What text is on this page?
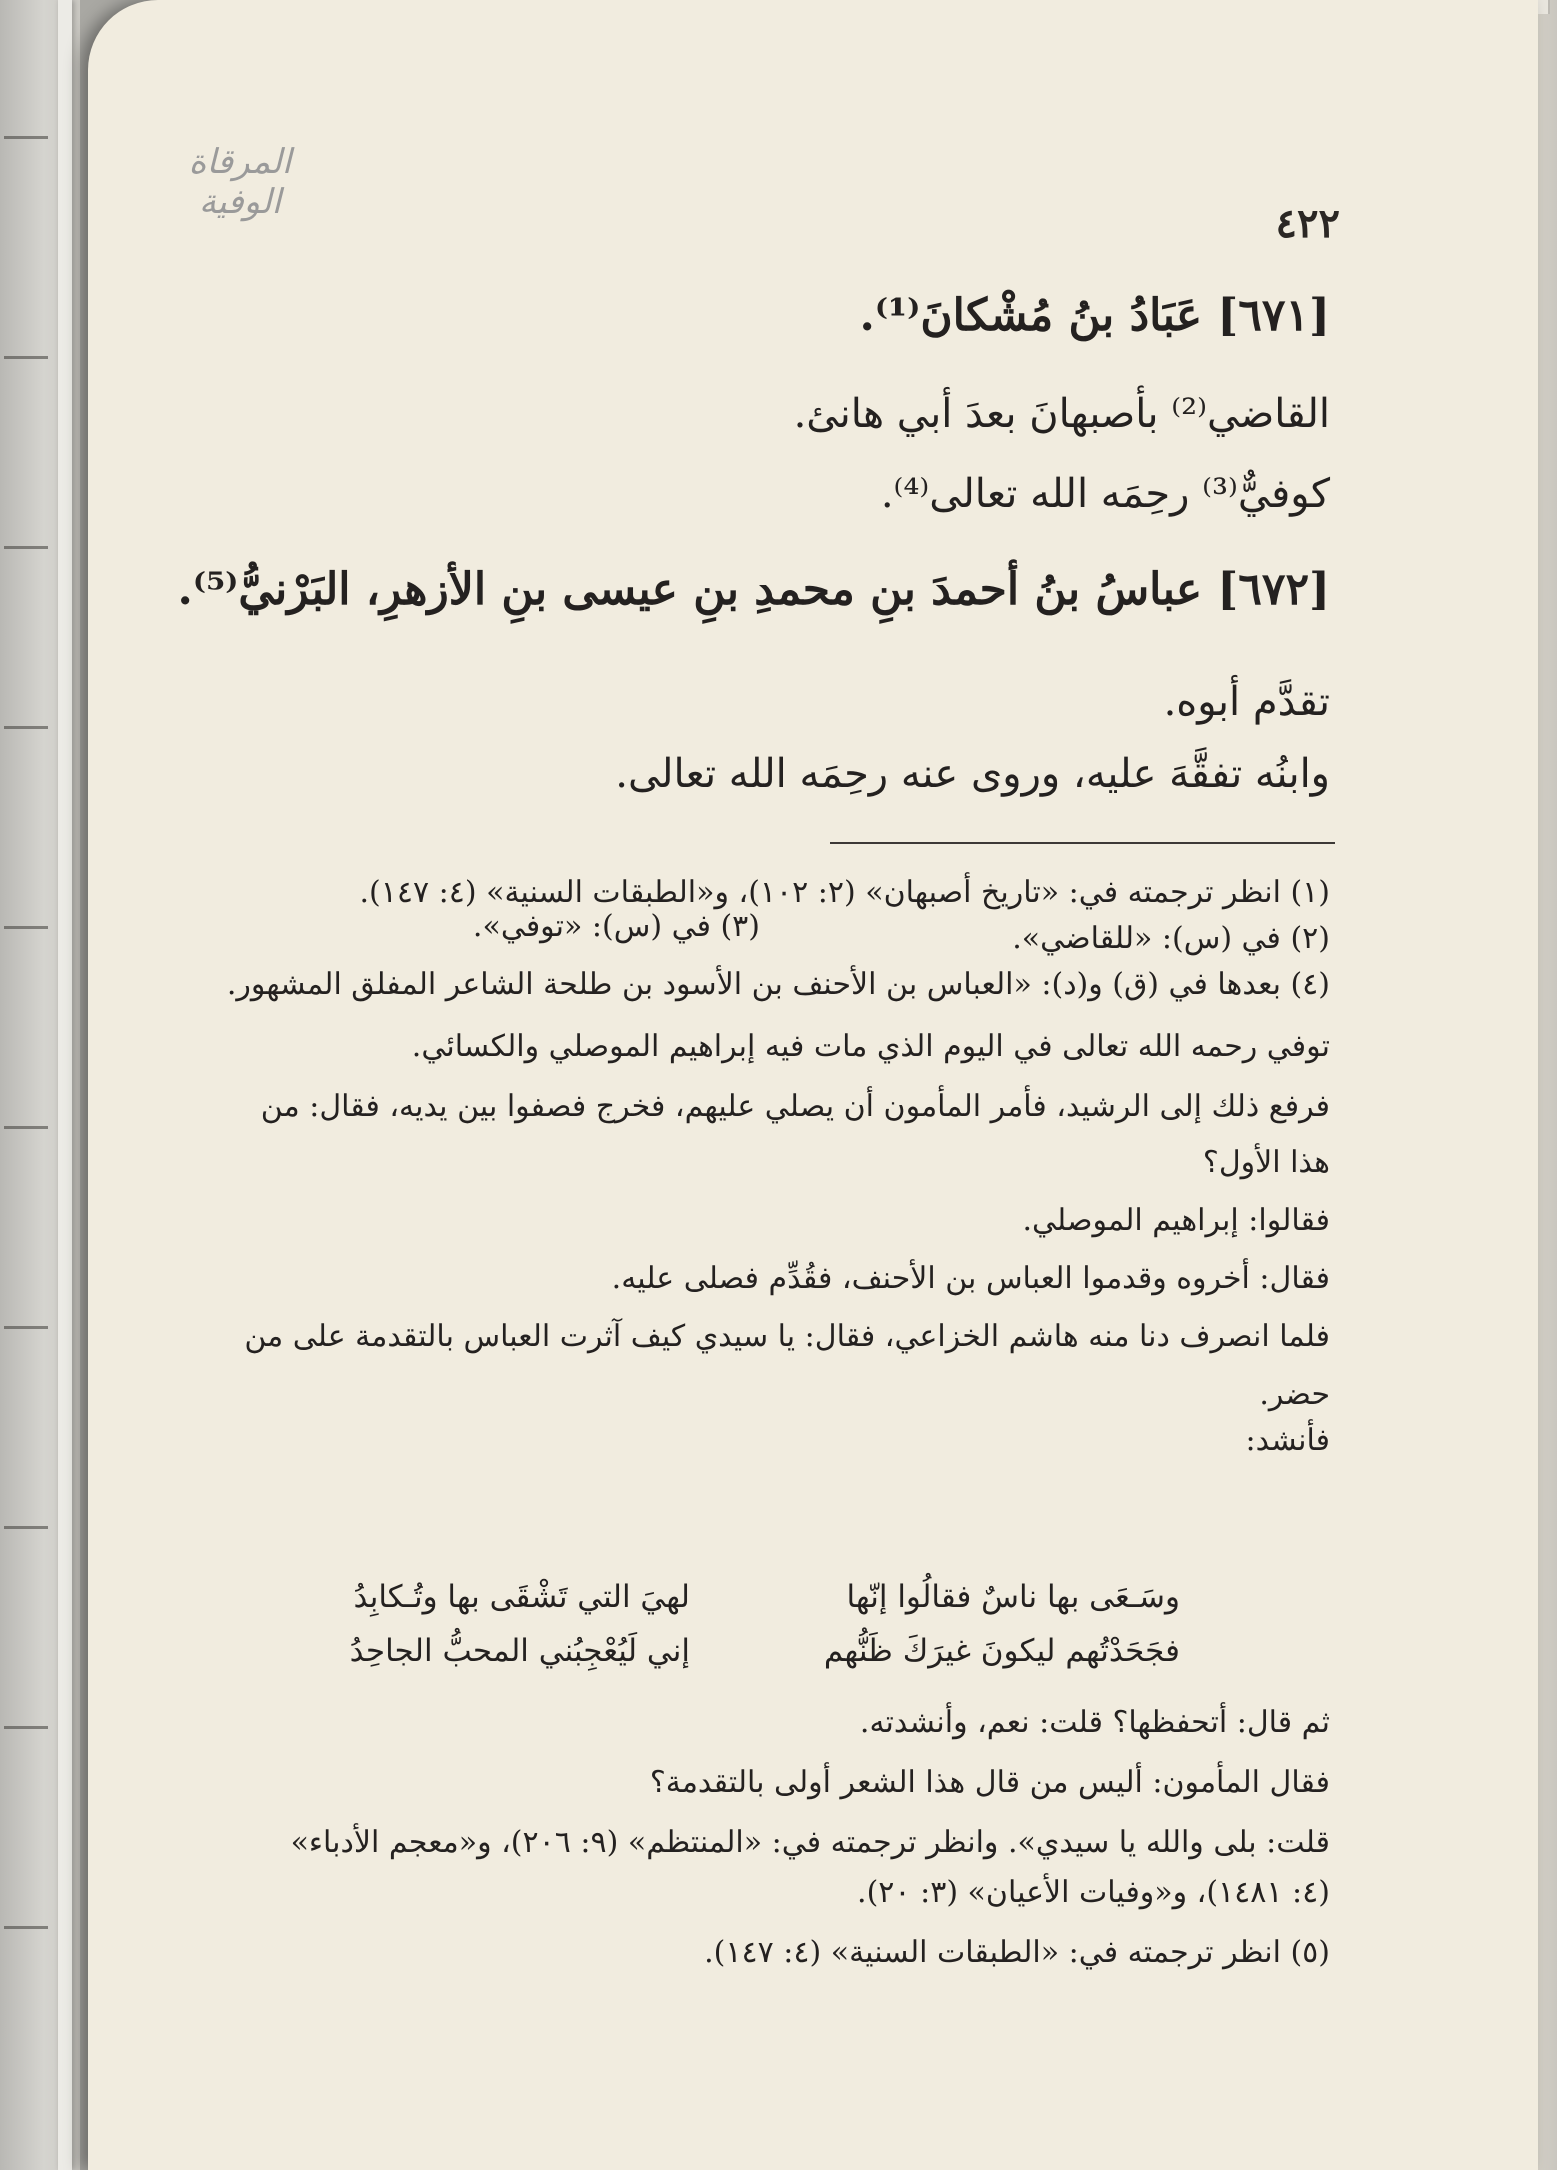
المرقاة الوفية	٤٢٢
[٦٧١] عَبَادُ بنُ مُشْكانَ⁽¹⁾.
القاضي⁽²⁾ بأصبهانَ بعدَ أبي هانئ.
كوفيٌّ⁽³⁾ رحِمَه الله تعالى⁽⁴⁾.
[٦٧٢] عباسُ بنُ أحمدَ بنِ محمدِ بنِ عيسى بنِ الأزهرِ، البَرْنيُّ⁽⁵⁾.
تقدَّم أبوه.
وابنُه تفقَّهَ عليه، وروى عنه رحِمَه الله تعالى.
(١) انظر ترجمته في: «تاريخ أصبهان» (٢: ١٠٢)، و«الطبقات السنية» (٤: ١٤٧).
(٢) في (س): «للقاضي».
(٣) في (س): «توفي».
(٤) بعدها في (ق) و(د): «العباس بن الأحنف بن الأسود بن طلحة الشاعر المفلق المشهور.
توفي رحمه الله تعالى في اليوم الذي مات فيه إبراهيم الموصلي والكسائي.
فرفع ذلك إلى الرشيد، فأمر المأمون أن يصلي عليهم، فخرج فصفوا بين يديه، فقال: من
هذا الأول؟
فقالوا: إبراهيم الموصلي.
فقال: أخروه وقدموا العباس بن الأحنف، فقُدِّم فصلى عليه.
فلما انصرف دنا منه هاشم الخزاعي، فقال: يا سيدي كيف آثرت العباس بالتقدمة على من
حضر.
فأنشد:
وسَـعَى بها ناسٌ فقالُوا إنّها
فجَحَدْتُهم ليكونَ غيرَكَ ظَنُّهم
لهيَ التي تَشْقَى بها وتُـكابِدُ
إني لَيُعْجِبُني المحبُّ الجاحِدُ
ثم قال: أتحفظها؟ قلت: نعم، وأنشدته.
فقال المأمون: أليس من قال هذا الشعر أولى بالتقدمة؟
قلت: بلى والله يا سيدي». وانظر ترجمته في: «المنتظم» (٩: ٢٠٦)، و«معجم الأدباء»
(٤: ١٤٨١)، و«وفيات الأعيان» (٣: ٢٠).
(٥) انظر ترجمته في: «الطبقات السنية» (٤: ١٤٧).
